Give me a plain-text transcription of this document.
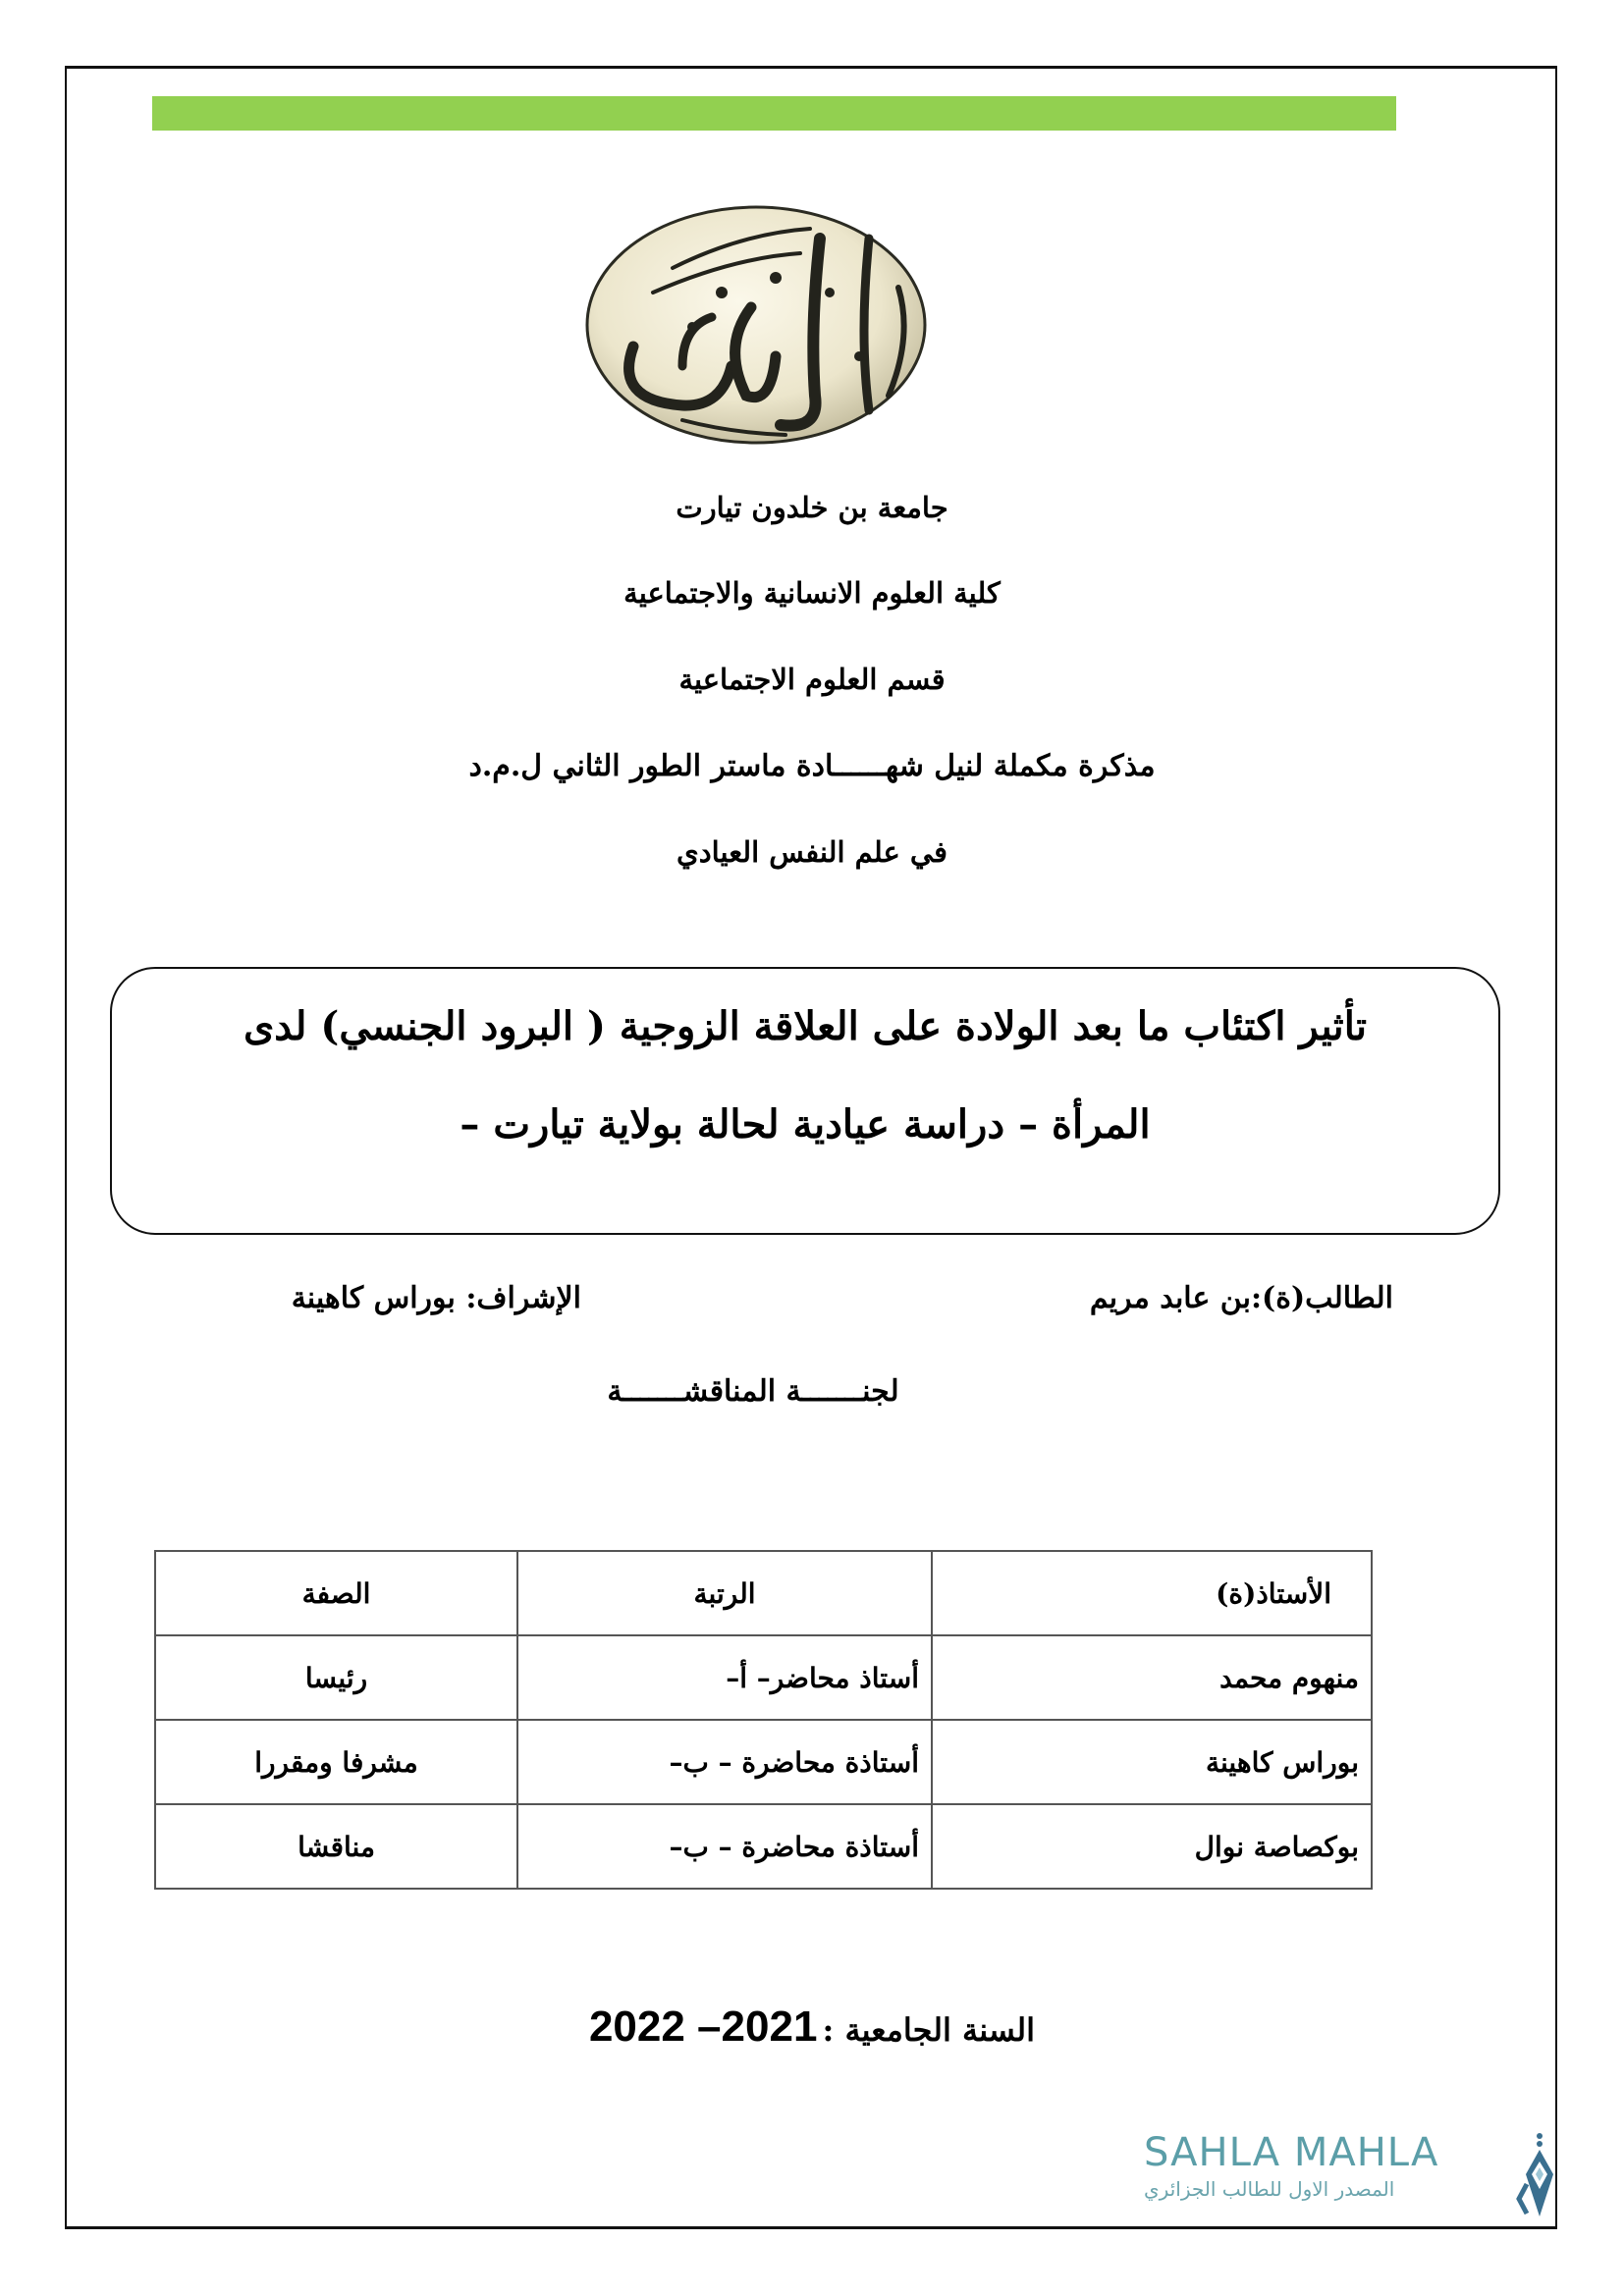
جامعة بن خلدون تيارت
كلية العلوم الانسانية والاجتماعية
قسم العلوم الاجتماعية
مذكرة مكملة لنيل شهــــــادة ماستر الطور الثاني ل.م.د
في علم النفس العيادي
تأثير اكتئاب ما بعد الولادة على العلاقة الزوجية ( البرود الجنسي) لدى
المرأة – دراسة عيادية لحالة بولاية تيارت –
الطالب(ة):بن عابد مريم
الإشراف: بوراس كاهينة
لجنـــــــة المناقشـــــــة
الأستاذ(ة)	الرتبة	الصفة
منهوم محمد	أستاذ محاضر– أ–	رئيسا
بوراس كاهينة	أستاذة محاضرة – ب–	مشرفا ومقررا
بوكصاصة نوال	أستاذة محاضرة – ب–	مناقشا
السنة الجامعية : 2021– 2022
SAHLA MAHLA
المصدر الاول للطالب الجزائري
